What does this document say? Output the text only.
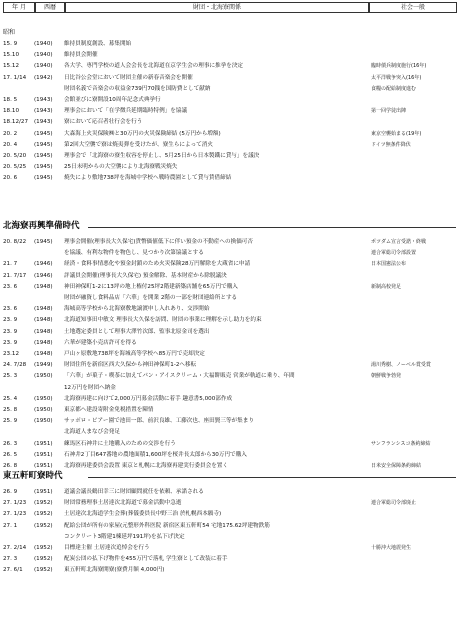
年 月	西暦	財団・北海寮関係	社会一般
昭和
15. 9	(1940) 維持員制度創設、募集開始
15.10	(1940) 維持員会開催
15.12	(1940) 各大学、専門学校の道人会会長を北海道在京学生会の理事に推挙を決定	臨時債兵制度施行(16年)
17. 1/14 (1942) 日比谷公会堂において財団主催の新春音楽会を開催	太平洋戦争突入(16年)
財団名義で音楽会の収益金739円70銭を国防費として献納	食糧の配給制度進む
18. 5	(1943) 会館並びに寮開設10周年記念式典挙行
18.10	(1943) 理事会において「在学徴兵延期臨時特例」を協議	第一回学徒出陣
18.12/27 (1943) 寮において応召者壮行会を行う
20. 2	(1945) 大森海上火災保険㈱と30万円の火災保険締結 (5万円から増額)	東京空襲始まる(19年)
20. 4	(1945) 第2回大空襲で寮は焼夷弾を受けたが、寮生らによって消火	ドイツ無条件降伏
20. 5/20 (1945) 理事会で「北海寮の寮生収容を停止し、5月25日から日本製鐵に貸与」を議決
20. 5/25 (1945) 25日未明からの大空襲により北海寮戦災焼失
20. 6	(1945) 焼失により敷地738坪を海城中学校へ戦時農園として貸与賃借締結
北海寮再興準備時代
20. 8/22 (1945) 理事会開催(理事長大久保宅)貨幣価値低下に伴い預金の不動産への換価可否	ポツダム宣言受諾・終戦
を協議、有利な物件を物色し、見つかり次第協議とする	連合軍総司令部設置
21. 7	(1946) 経済・食料事情悪化や預金封鎖のため火災保険28万円解除を大蔵省に申請	日本国憲法公布
21. 7/17 (1946) 評議員会開催(理事長大久保宅) 預金解除、基本財産から除脱議決
23. 6	(1948) 神田神保町1-2に13坪の地上権付25坪2階建新築店舗を65万円で購入	新制高校発足
財団が融資し食料品店「六華」を開業 2階の一部を財団連絡所とする
23. 6	(1948) 海城高等学校から北海寮敷地譲渡申し入れあり、交渉開始
23. 9	(1948) 北海道知事田中敏文 理事長大久保を訪問、財団の事業に理解を示し助力を約束
23. 9	(1948) 土地選定委員として理事大澤竹次郎、監事北原金司を選出
23. 9	(1948) 六華が建築小売店許可を得る
23.12	(1948) 戸山ヶ原敷地738坪を海城高等学校へ85万円で売却決定
24. 7/28 (1949) 財団住所を新宿区西大久保から神田神保町1-2へ移転	湯川秀樹、ノーベル賞受賞
25. 3	(1950) 「六華」が菓子・喫茶に加えてパン・アイスクリーム・大福餅販売 営業が軌道に乗り、年間	朝鮮戦争勃発
12万円を財団へ納金
25. 4	(1950) 北海寮再建に向けて2,000万円募金活動に着手 趣意書5,000部作成
25. 8	(1950) 東京都へ建設寄附金免税措置を陳情
25. 9	(1950) サッポロ・ビアー園で池田一郎、前沢良雄、工藤次也、座田賢三等が集まり
北海道人まなび会発足
26. 3	(1951) 練馬区石神井に土地購入のための交渉を行う	サンフランシスコ条約締結
26. 5	(1951) 石神井2丁目647番地の農地面積1,600坪を桜井長太郎から30万円で購入
26. 8	(1951) 北海寮再建委員会設置 東京と札幌に北海寮再建実行委員会を置く	日米安全保障条約締結
東五軒町寮時代
26. 9	(1951) 道議会議長鶴田幸三に財団顧問就任を依頼、承諾される
27. 1/23 (1952) 財団常務理事土居達次北海道で募金活動中急逝	連合軍総司令部廃止
27. 1/23 (1952) 土居達次北海道学生会葬(葬儀委員長中野三治 於札幌西本願寺)
27. 1	(1952) 配給公団が所有の家屋(元整形外科医院 新宿区東五軒町54 宅地175.62坪建物鉄筋
コンクリート3階建1棟延坪191坪)を払下げ決定
27. 2/14 (1952) 目標達主催 土居達次追悼会を行う	十勝沖大地震発生
27. 3	(1952) 配炭公団の払下げ物件を455万円で落札 学生寮として改装に着手
27. 6/1 (1952) 東五軒町北海寮開寮(寮費月額 4,000円)
